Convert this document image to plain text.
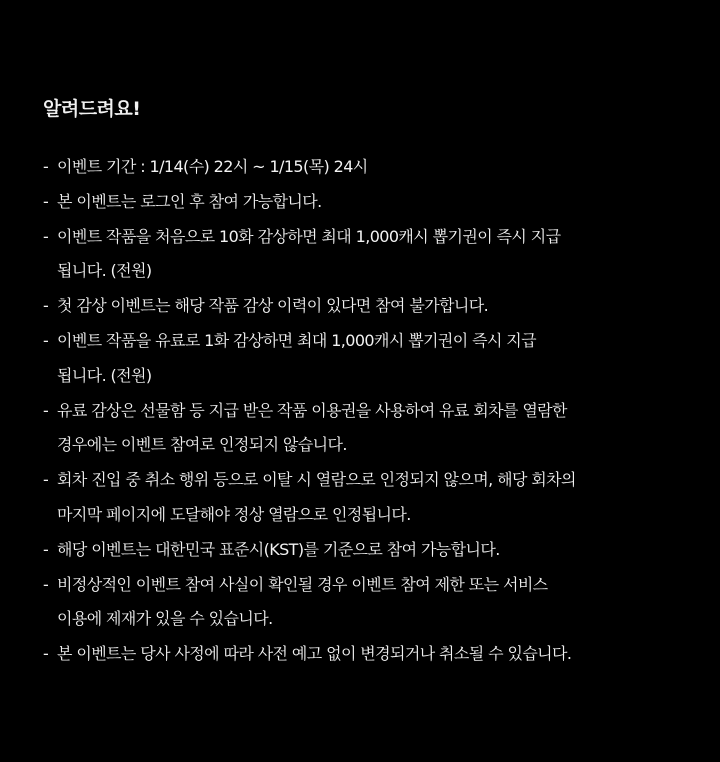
알려드려요!
- 이벤트 기간 : 1/14(수) 22시 ~ 1/15(목) 24시
- 본 이벤트는 로그인 후 참여 가능합니다.
- 이벤트 작품을 처음으로 10화 감상하면 최대 1,000캐시 뽑기권이 즉시 지급
됩니다. (전원)
- 첫 감상 이벤트는 해당 작품 감상 이력이 있다면 참여 불가합니다.
- 이벤트 작품을 유료로 1화 감상하면 최대 1,000캐시 뽑기권이 즉시 지급
됩니다. (전원)
- 유료 감상은 선물함 등 지급 받은 작품 이용권을 사용하여 유료 회차를 열람한
경우에는 이벤트 참여로 인정되지 않습니다.
- 회차 진입 중 취소 행위 등으로 이탈 시 열람으로 인정되지 않으며, 해당 회차의
마지막 페이지에 도달해야 정상 열람으로 인정됩니다.
- 해당 이벤트는 대한민국 표준시(KST)를 기준으로 참여 가능합니다.
- 비정상적인 이벤트 참여 사실이 확인될 경우 이벤트 참여 제한 또는 서비스
이용에 제재가 있을 수 있습니다.
- 본 이벤트는 당사 사정에 따라 사전 예고 없이 변경되거나 취소될 수 있습니다.
